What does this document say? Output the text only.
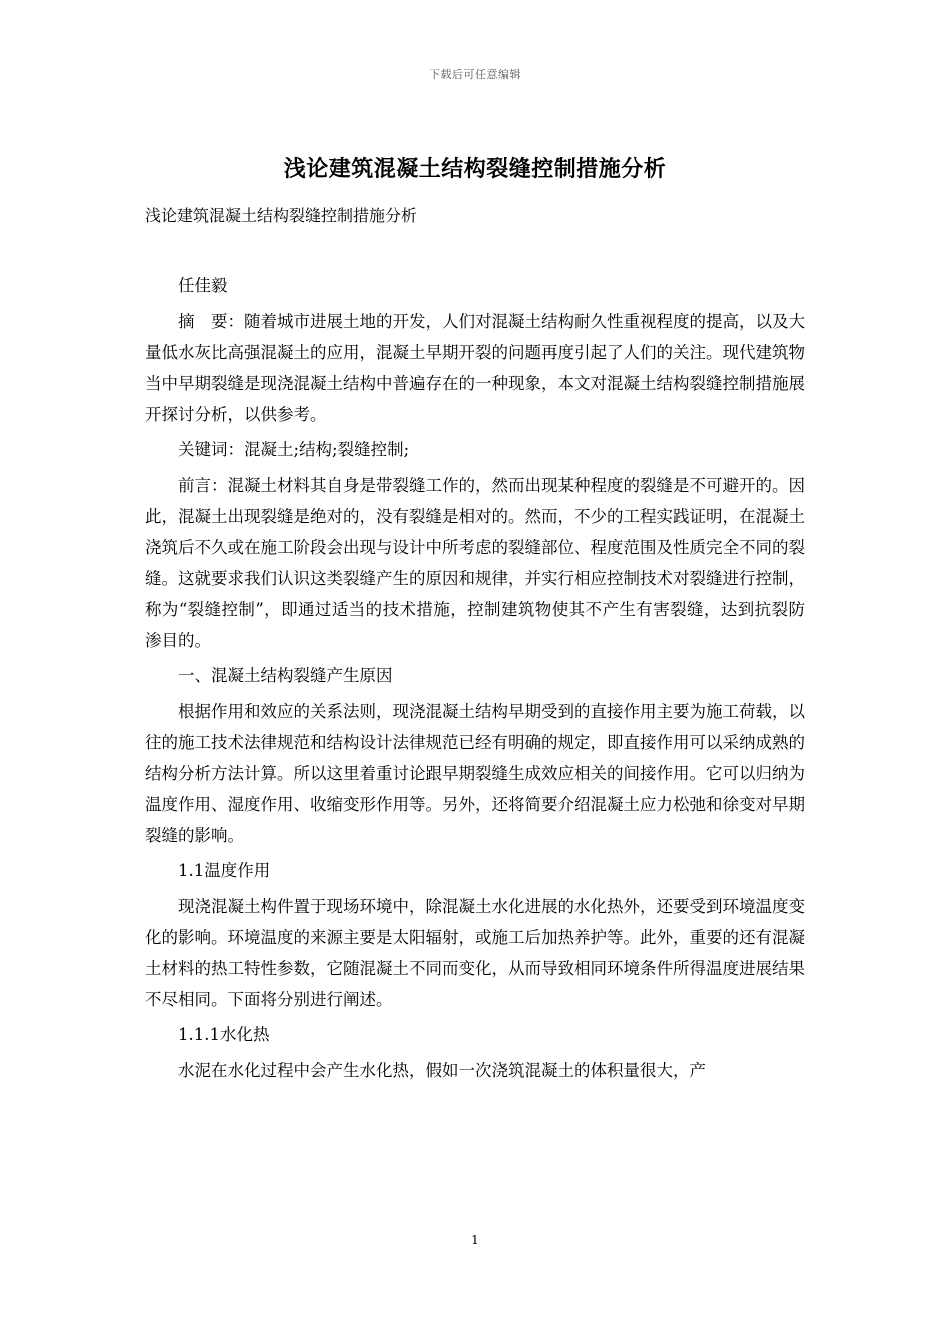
下载后可任意编辑
浅论建筑混凝土结构裂缝控制措施分析
浅论建筑混凝土结构裂缝控制措施分析

任佳毅

摘　要：随着城市进展土地的开发，人们对混凝土结构耐久性重视程度的提高，以及大量低水灰比高强混凝土的应用，混凝土早期开裂的问题再度引起了人们的关注。现代建筑物当中早期裂缝是现浇混凝土结构中普遍存在的一种现象，本文对混凝土结构裂缝控制措施展开探讨分析，以供参考。

关键词：混凝土;结构;裂缝控制;

前言：混凝土材料其自身是带裂缝工作的，然而出现某种程度的裂缝是不可避开的。因此，混凝土出现裂缝是绝对的，没有裂缝是相对的。然而，不少的工程实践证明，在混凝土浇筑后不久或在施工阶段会出现与设计中所考虑的裂缝部位、程度范围及性质完全不同的裂缝。这就要求我们认识这类裂缝产生的原因和规律，并实行相应控制技术对裂缝进行控制，称为“裂缝控制”，即通过适当的技术措施，控制建筑物使其不产生有害裂缝，达到抗裂防渗目的。

一、混凝土结构裂缝产生原因

根据作用和效应的关系法则，现浇混凝土结构早期受到的直接作用主要为施工荷载，以往的施工技术法律规范和结构设计法律规范已经有明确的规定，即直接作用可以采纳成熟的结构分析方法计算。所以这里着重讨论跟早期裂缝生成效应相关的间接作用。它可以归纳为温度作用、湿度作用、收缩变形作用等。另外，还将简要介绍混凝土应力松弛和徐变对早期裂缝的影响。

1.1温度作用

现浇混凝土构件置于现场环境中，除混凝土水化进展的水化热外，还要受到环境温度变化的影响。环境温度的来源主要是太阳辐射，或施工后加热养护等。此外，重要的还有混凝土材料的热工特性参数，它随混凝土不同而变化，从而导致相同环境条件所得温度进展结果不尽相同。下面将分别进行阐述。

1.1.1水化热

水泥在水化过程中会产生水化热，假如一次浇筑混凝土的体积量很大，产

1
